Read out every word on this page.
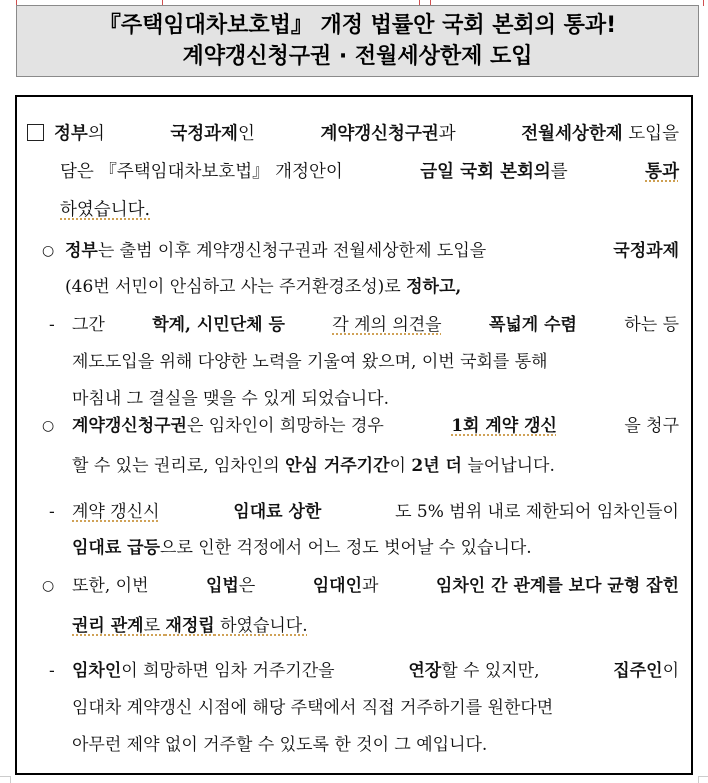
『주택임대차보호법』 개정 법률안 국회 본회의 통과!
계약갱신청구권 · 전월세상한제 도입
정부의	국정과제인	계약갱신청구권과	전월세상한제 도입을
담은 『주택임대차보호법』 개정안이	금일 국회 본회의를	통과
하였습니다.
○ 정부는 출범 이후 계약갱신청구권과 전월세상한제 도입을	국정과제
(46번 서민이 안심하고 사는 주거환경조성)로 정하고,
- 그간	학계, 시민단체 등	각 계의 의견을	폭넓게 수렴	하는 등
제도도입을 위해 다양한 노력을 기울여 왔으며, 이번 국회를 통해
마침내 그 결실을 맺을 수 있게 되었습니다.
○ 계약갱신청구권은 임차인이 희망하는 경우	1회 계약 갱신	을 청구
할 수 있는 권리로, 임차인의 안심 거주기간이 2년 더 늘어납니다.
- 계약 갱신시	임대료 상한	도 5% 범위 내로 제한되어 임차인들이
임대료 급등으로 인한 걱정에서 어느 정도 벗어날 수 있습니다.
○ 또한, 이번	입법은	임대인과	임차인 간 관계를 보다 균형 잡힌
권리 관계로 재정립 하였습니다.
- 임차인이 희망하면 임차 거주기간을	연장할 수 있지만,	집주인이
임대차 계약갱신 시점에 해당 주택에서 직접 거주하기를 원한다면
아무런 제약 없이 거주할 수 있도록 한 것이 그 예입니다.
